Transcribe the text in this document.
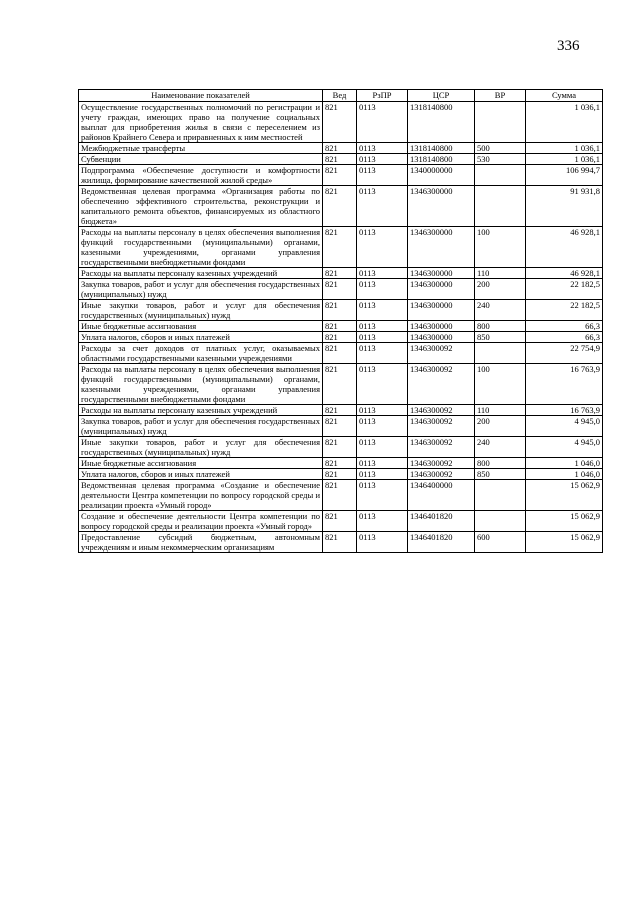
336
Наименование показателей	Вед	РзПР	ЦСР	ВР	Сумма
Осуществление государственных полномочий по регистрации и учету граждан, имеющих право на получение социальных выплат для приобретения жилья в связи с переселением из районов Крайнего Севера и приравненных к ним местностей	821	0113	1318140800		1 036,1
Межбюджетные трансферты	821	0113	1318140800	500	1 036,1
Субвенции	821	0113	1318140800	530	1 036,1
Подпрограмма «Обеспечение доступности и комфортности жилища, формирование качественной жилой среды»	821	0113	1340000000		106 994,7
Ведомственная целевая программа «Организация работы по обеспечению эффективного строительства, реконструкции и капитального ремонта объектов, финансируемых из областного бюджета»	821	0113	1346300000		91 931,8
Расходы на выплаты персоналу в целях обеспечения выполнения функций государственными (муниципальными) органами, казенными учреждениями, органами управления государственными внебюджетными фондами	821	0113	1346300000	100	46 928,1
Расходы на выплаты персоналу казенных учреждений	821	0113	1346300000	110	46 928,1
Закупка товаров, работ и услуг для обеспечения государственных (муниципальных) нужд	821	0113	1346300000	200	22 182,5
Иные закупки товаров, работ и услуг для обеспечения государственных (муниципальных) нужд	821	0113	1346300000	240	22 182,5
Иные бюджетные ассигнования	821	0113	1346300000	800	66,3
Уплата налогов, сборов и иных платежей	821	0113	1346300000	850	66,3
Расходы за счет доходов от платных услуг, оказываемых областными государственными казенными учреждениями	821	0113	1346300092		22 754,9
Расходы на выплаты персоналу в целях обеспечения выполнения функций государственными (муниципальными) органами, казенными учреждениями, органами управления государственными внебюджетными фондами	821	0113	1346300092	100	16 763,9
Расходы на выплаты персоналу казенных учреждений	821	0113	1346300092	110	16 763,9
Закупка товаров, работ и услуг для обеспечения государственных (муниципальных) нужд	821	0113	1346300092	200	4 945,0
Иные закупки товаров, работ и услуг для обеспечения государственных (муниципальных) нужд	821	0113	1346300092	240	4 945,0
Иные бюджетные ассигнования	821	0113	1346300092	800	1 046,0
Уплата налогов, сборов и иных платежей	821	0113	1346300092	850	1 046,0
Ведомственная целевая программа «Создание и обеспечение деятельности Центра компетенции по вопросу городской среды и реализации проекта «Умный город»	821	0113	1346400000		15 062,9
Создание и обеспечение деятельности Центра компетенции по вопросу городской среды и реализации проекта «Умный город»	821	0113	1346401820		15 062,9
Предоставление субсидий бюджетным, автономным учреждениям и иным некоммерческим организациям	821	0113	1346401820	600	15 062,9
